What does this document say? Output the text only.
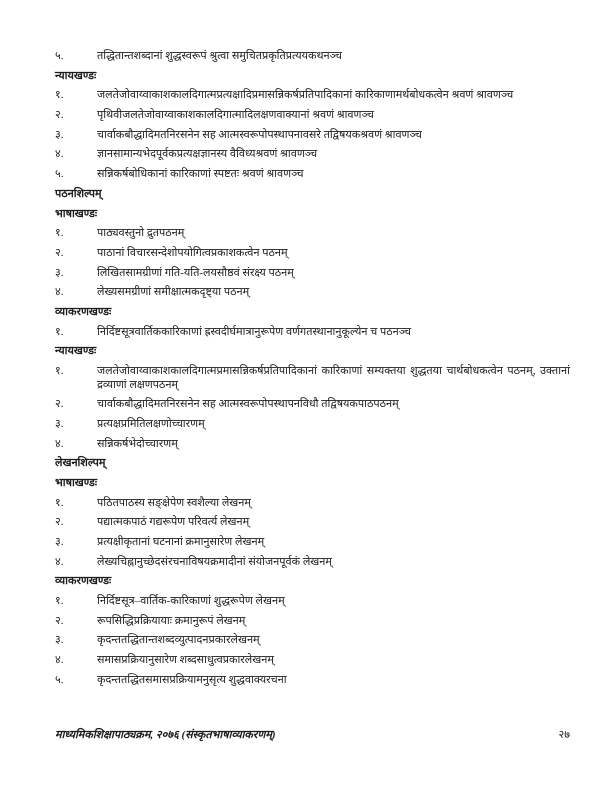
५.	तद्धितान्तशब्दानां शुद्धस्वरूपं श्रुत्वा समुचितप्रकृतिप्रत्ययकथनञ्च
न्यायखण्डः
१.	जलतेजोवाय्वाकाशकालदिगात्मप्रत्यक्षादिप्रमासन्निकर्षप्रतिपादिकानां कारिकाणामर्थबोधकत्वेन श्रवणं श्रावणञ्च
२.	पृथिवीजलतेजोवाय्वाकाशकालदिगात्मादिलक्षणवाक्यानां श्रवणं श्रावणञ्च
३.	चार्वाकबौद्धादिमतनिरसनेन सह आत्मस्वरूपोपस्थापनावसरे तद्विषयकश्रवणं श्रावणञ्च
४.	ज्ञानसामान्यभेदपूर्वकप्रत्यक्षज्ञानस्य वैविध्यश्रवणं श्रावणञ्च
५.	सन्निकर्षबोधिकानां कारिकाणां स्पष्टतः श्रवणं श्रावणञ्च
पठनशिल्पम्
भाषाखण्डः
१.	पाठ्यवस्तुनो द्रुतपठनम्
२.	पाठानां विचारसन्देशोपयोगित्वप्रकाशकत्वेन पठनम्
३.	लिखितसामग्रीणां गति-यति-लयसौष्ठवं संरक्ष्य पठनम्
४.	लेख्यसमग्रीणां समीक्षात्मकदृष्ट्या पठनम्
व्याकरणखण्डः
१.	निर्दिष्टसूत्रवार्तिककारिकाणां ह्रस्वदीर्घमात्रानुरूपेण वर्णगतस्थानानुकूल्येन च पठनञ्च
न्यायखण्डः
१.	जलतेजोवाय्वाकाशकालदिगात्मप्रमासन्निकर्षप्रतिपादिकानां कारिकाणां सम्यक्तया शुद्धतया चार्थबोधकत्वेन पठनम्, उक्तानां द्रव्याणां लक्षणपठनम्
२.	चार्वाकबौद्धादिमतनिरसनेन सह आत्मस्वरूपोपस्थापनविधौ तद्विषयकपाठपठनम्
३.	प्रत्यक्षप्रमितिलक्षणोच्चारणम्
४.	सन्निकर्षभेदोच्चारणम्
लेखनशिल्पम्
भाषाखण्डः
१.	पठितपाठस्य सङ्क्षेपेण स्वशैल्या लेखनम्
२.	पद्यात्मकपाठं गद्यरूपेण परिवर्त्य लेखनम्
३.	प्रत्यक्षीकृतानां घटनानां क्रमानुसारेण लेखनम्
४.	लेख्यचिह्नानुच्छेदसंरचनाविषयक्रमादीनां संयोजनपूर्वकं लेखनम्
व्याकरणखण्डः
१.	निर्दिष्टसूत्र–वार्तिक-कारिकाणां शुद्धरूपेण लेखनम्
२.	रूपसिद्धिप्रक्रियायाः क्रमानुरूपं लेखनम्
३.	कृदन्ततद्धितान्तशब्दव्युत्पादनप्रकारलेखनम्
४.	समासप्रक्रियानुसारेण शब्दसाधुत्वप्रकारलेखनम्
५.	कृदन्ततद्धितसमासप्रक्रियामनुसृत्य शुद्धवाक्यरचना
माध्यमिकशिक्षापाठ्यक्रम, २०७६ (संस्कृतभाषाव्याकरणम्)	२७
